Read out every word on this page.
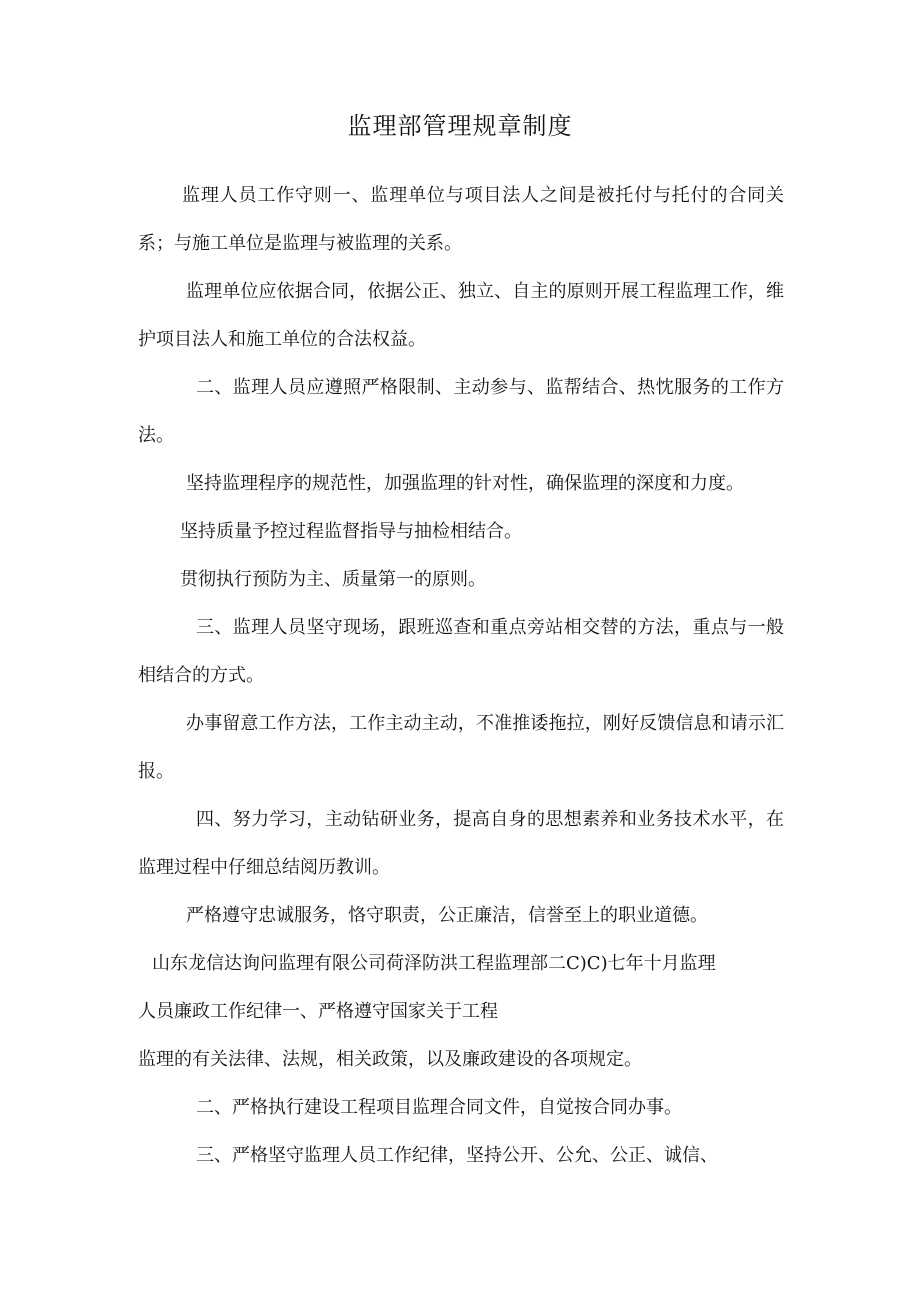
监理部管理规章制度
监理人员工作守则一、监理单位与项目法人之间是被托付与托付的合同关系；与施工单位是监理与被监理的关系。
监理单位应依据合同，依据公正、独立、自主的原则开展工程监理工作，维护项目法人和施工单位的合法权益。
二、监理人员应遵照严格限制、主动参与、监帮结合、热忱服务的工作方法。
坚持监理程序的规范性，加强监理的针对性，确保监理的深度和力度。
坚持质量予控过程监督指导与抽检相结合。
贯彻执行预防为主、质量第一的原则。
三、监理人员坚守现场，跟班巡查和重点旁站相交替的方法，重点与一般相结合的方式。
办事留意工作方法，工作主动主动，不准推诿拖拉，刚好反馈信息和请示汇报。
四、努力学习，主动钻研业务，提高自身的思想素养和业务技术水平，在监理过程中仔细总结阅历教训。
严格遵守忠诚服务，恪守职责，公正廉洁，信誉至上的职业道德。
山东龙信达询问监理有限公司荷泽防洪工程监理部二C)C)七年十月监理
人员廉政工作纪律一、严格遵守国家关于工程
监理的有关法律、法规，相关政策，以及廉政建设的各项规定。
二、严格执行建设工程项目监理合同文件，自觉按合同办事。
三、严格坚守监理人员工作纪律，坚持公开、公允、公正、诚信、
